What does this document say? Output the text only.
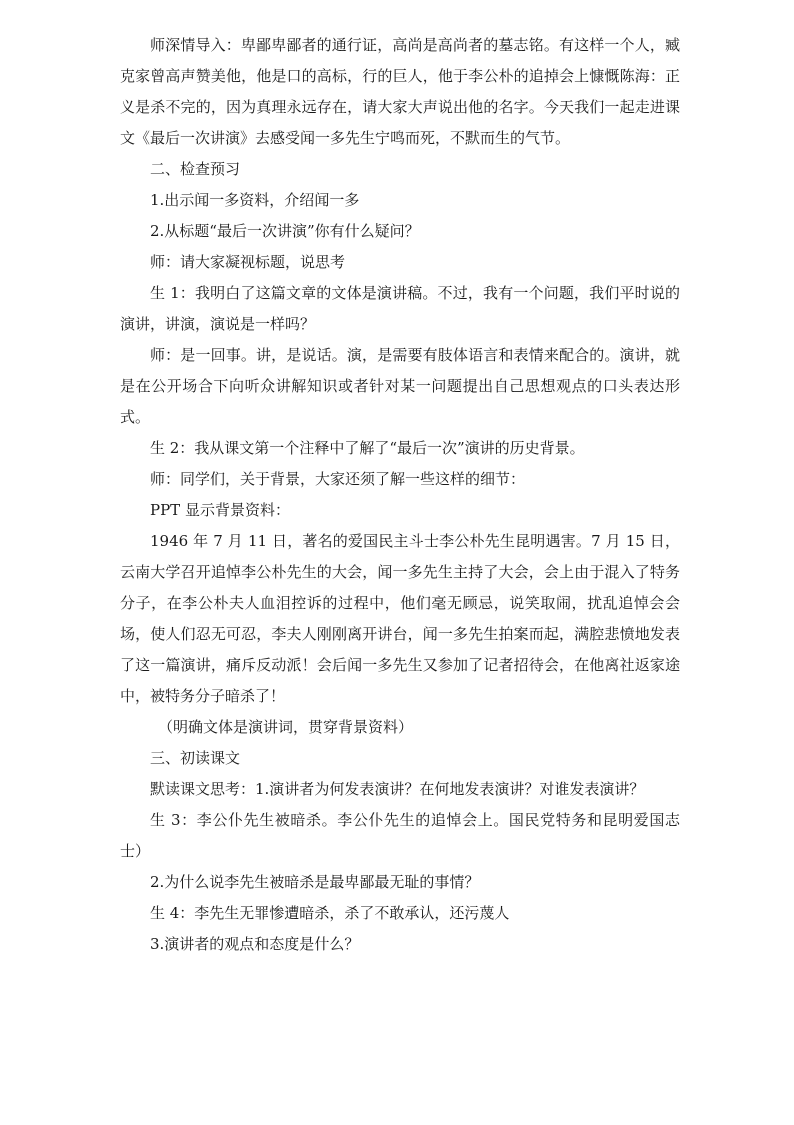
师深情导入：卑鄙卑鄙者的通行证，高尚是高尚者的墓志铭。有这样一个人，臧克家曾高声赞美他，他是口的高标，行的巨人，他于李公朴的追掉会上慷慨陈海：正义是杀不完的，因为真理永远存在，请大家大声说出他的名字。今天我们一起走进课文《最后一次讲演》去感受闻一多先生宁鸣而死，不默而生的气节。

二、检查预习

1.出示闻一多资料，介绍闻一多

2.从标题“最后一次讲演”你有什么疑问？

师：请大家凝视标题，说思考

生 1：我明白了这篇文章的文体是演讲稿。不过，我有一个问题，我们平时说的演讲，讲演，演说是一样吗？

师：是一回事。讲，是说话。演，是需要有肢体语言和表情来配合的。演讲，就是在公开场合下向听众讲解知识或者针对某一问题提出自己思想观点的口头表达形式。

生 2：我从课文第一个注释中了解了“最后一次”演讲的历史背景。

师：同学们，关于背景，大家还须了解一些这样的细节：

PPT 显示背景资料：

1946 年 7 月 11 日，著名的爱国民主斗士李公朴先生昆明遇害。7 月 15 日，云南大学召开追悼李公朴先生的大会，闻一多先生主持了大会，会上由于混入了特务分子，在李公朴夫人血泪控诉的过程中，他们毫无顾忌，说笑取闹，扰乱追悼会会场，使人们忍无可忍，李夫人刚刚离开讲台，闻一多先生拍案而起，满腔悲愤地发表了这一篇演讲，痛斥反动派！会后闻一多先生又参加了记者招待会，在他离社返家途中，被特务分子暗杀了！

（明确文体是演讲词，贯穿背景资料）

三、初读课文

默读课文思考：1.演讲者为何发表演讲？在何地发表演讲？对谁发表演讲？

生 3：李公仆先生被暗杀。李公仆先生的追悼会上。国民党特务和昆明爱国志士）

2.为什么说李先生被暗杀是最卑鄙最无耻的事情？

生 4：李先生无罪惨遭暗杀，杀了不敢承认，还污蔑人

3.演讲者的观点和态度是什么？
